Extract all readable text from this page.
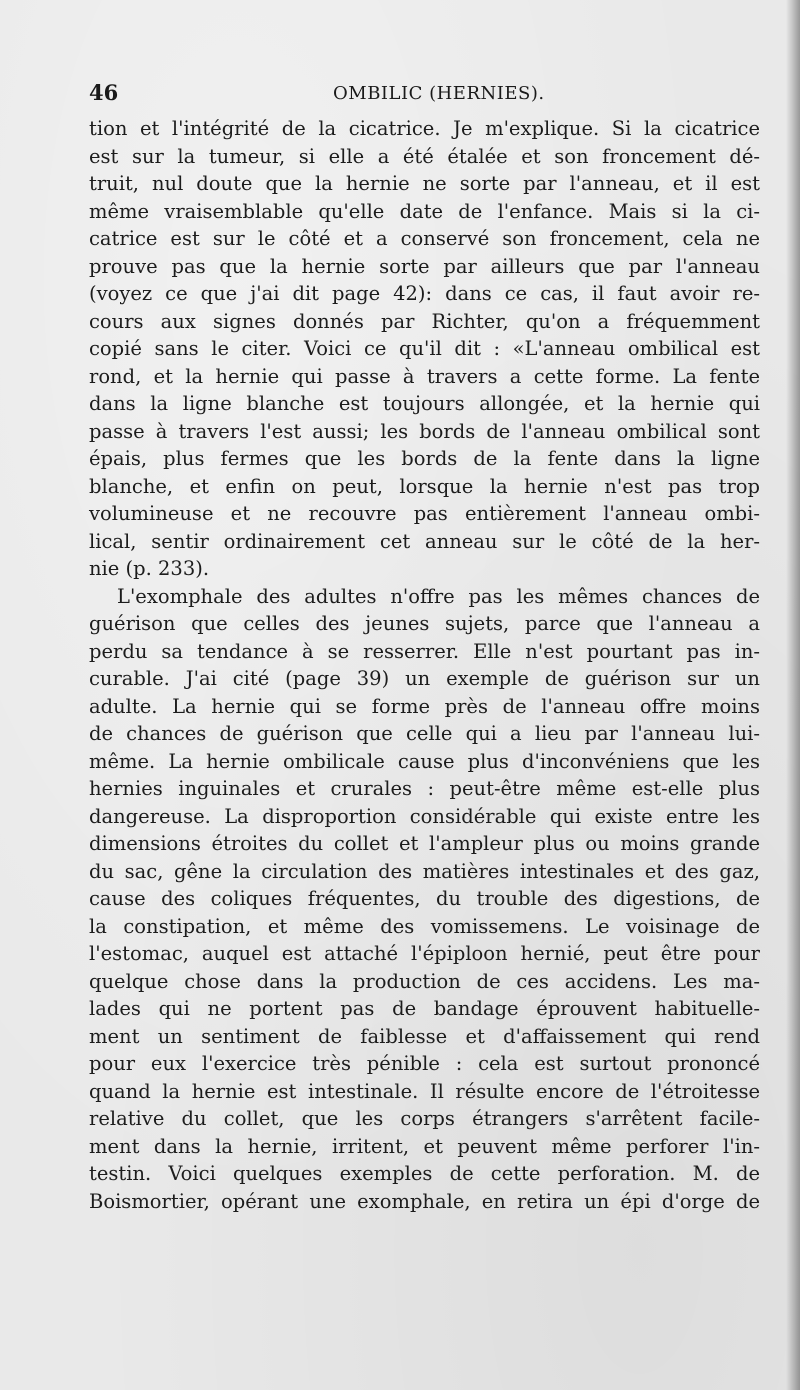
46	OMBILIC (HERNIES).
tion et l'intégrité de la cicatrice. Je m'explique. Si la cicatrice
est sur la tumeur, si elle a été étalée et son froncement dé-
truit, nul doute que la hernie ne sorte par l'anneau, et il est
même vraisemblable qu'elle date de l'enfance. Mais si la ci-
catrice est sur le côté et a conservé son froncement, cela ne
prouve pas que la hernie sorte par ailleurs que par l'anneau
(voyez ce que j'ai dit page 42): dans ce cas, il faut avoir re-
cours aux signes donnés par Richter, qu'on a fréquemment
copié sans le citer. Voici ce qu'il dit : «L'anneau ombilical est
rond, et la hernie qui passe à travers a cette forme. La fente
dans la ligne blanche est toujours allongée, et la hernie qui
passe à travers l'est aussi; les bords de l'anneau ombilical sont
épais, plus fermes que les bords de la fente dans la ligne
blanche, et enfin on peut, lorsque la hernie n'est pas trop
volumineuse et ne recouvre pas entièrement l'anneau ombi-
lical, sentir ordinairement cet anneau sur le côté de la her-
nie (p. 233).
L'exomphale des adultes n'offre pas les mêmes chances de
guérison que celles des jeunes sujets, parce que l'anneau a
perdu sa tendance à se resserrer. Elle n'est pourtant pas in-
curable. J'ai cité (page 39) un exemple de guérison sur un
adulte. La hernie qui se forme près de l'anneau offre moins
de chances de guérison que celle qui a lieu par l'anneau lui-
même. La hernie ombilicale cause plus d'inconvéniens que les
hernies inguinales et crurales : peut-être même est-elle plus
dangereuse. La disproportion considérable qui existe entre les
dimensions étroites du collet et l'ampleur plus ou moins grande
du sac, gêne la circulation des matières intestinales et des gaz,
cause des coliques fréquentes, du trouble des digestions, de
la constipation, et même des vomissemens. Le voisinage de
l'estomac, auquel est attaché l'épiploon hernié, peut être pour
quelque chose dans la production de ces accidens. Les ma-
lades qui ne portent pas de bandage éprouvent habituelle-
ment un sentiment de faiblesse et d'affaissement qui rend
pour eux l'exercice très pénible : cela est surtout prononcé
quand la hernie est intestinale. Il résulte encore de l'étroitesse
relative du collet, que les corps étrangers s'arrêtent facile-
ment dans la hernie, irritent, et peuvent même perforer l'in-
testin. Voici quelques exemples de cette perforation. M. de
Boismortier, opérant une exomphale, en retira un épi d'orge de
